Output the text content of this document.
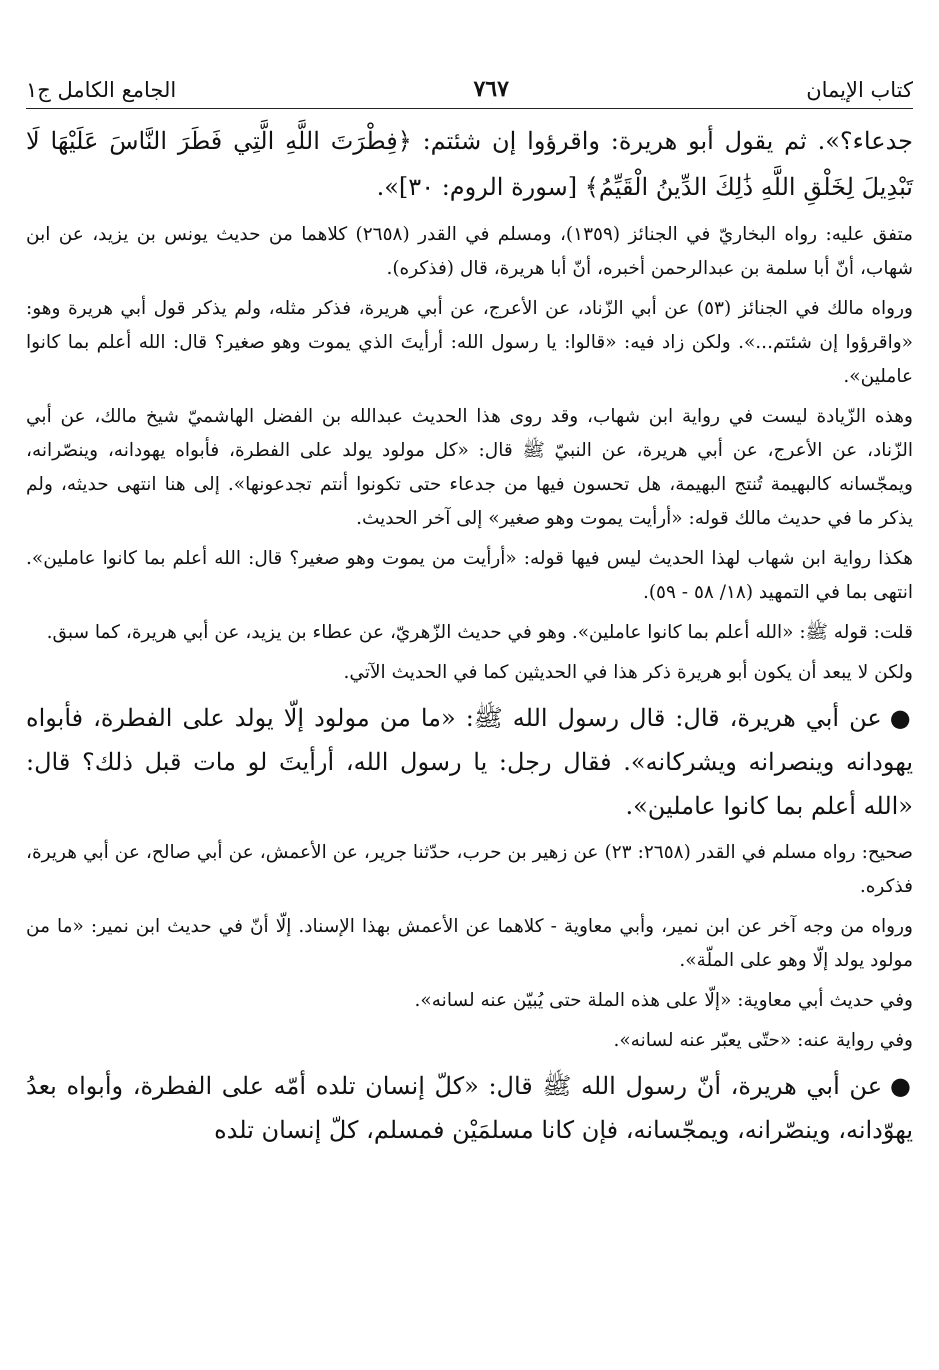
كتاب الإيمان
٧٦٧
الجامع الكامل ج١

جدعاء؟». ثم يقول أبو هريرة: واقرؤوا إن شئتم: ﴿فِطْرَتَ اللَّهِ الَّتِي فَطَرَ النَّاسَ عَلَيْهَا لَا تَبْدِيلَ لِخَلْقِ اللَّهِ ذَٰلِكَ الدِّينُ الْقَيِّمُ﴾ [سورة الروم: ٣٠]».

متفق عليه: رواه البخاريّ في الجنائز (١٣٥٩)، ومسلم في القدر (٢٦٥٨) كلاهما من حديث يونس بن يزيد، عن ابن شهاب، أنّ أبا سلمة بن عبدالرحمن أخبره، أنّ أبا هريرة، قال (فذكره).

ورواه مالك في الجنائز (٥٣) عن أبي الزّناد، عن الأعرج، عن أبي هريرة، فذكر مثله، ولم يذكر قول أبي هريرة وهو: «واقرؤوا إن شئتم...». ولكن زاد فيه: «قالوا: يا رسول الله: أرأيتَ الذي يموت وهو صغير؟ قال: الله أعلم بما كانوا عاملين».

وهذه الزّيادة ليست في رواية ابن شهاب، وقد روى هذا الحديث عبدالله بن الفضل الهاشميّ شيخ مالك، عن أبي الزّناد، عن الأعرج، عن أبي هريرة، عن النبيّ ﷺ قال: «كل مولود يولد على الفطرة، فأبواه يهودانه، وينصّرانه، ويمجّسانه كالبهيمة تُنتج البهيمة، هل تحسون فيها من جدعاء حتى تكونوا أنتم تجدعونها». إلى هنا انتهى حديثه، ولم يذكر ما في حديث مالك قوله: «أرأيت يموت وهو صغير» إلى آخر الحديث.

هكذا رواية ابن شهاب لهذا الحديث ليس فيها قوله: «أرأيت من يموت وهو صغير؟ قال: الله أعلم بما كانوا عاملين». انتهى بما في التمهيد (١٨/ ٥٨ - ٥٩).

قلت: قوله ﷺ: «الله أعلم بما كانوا عاملين». وهو في حديث الزّهريّ، عن عطاء بن يزيد، عن أبي هريرة، كما سبق.

ولكن لا يبعد أن يكون أبو هريرة ذكر هذا في الحديثين كما في الحديث الآتي.

●عن أبي هريرة، قال: قال رسول الله ﷺ: «ما من مولود إلّا يولد على الفطرة، فأبواه يهودانه وينصرانه ويشركانه». فقال رجل: يا رسول الله، أرأيتَ لو مات قبل ذلك؟ قال: «الله أعلم بما كانوا عاملين».

صحيح: رواه مسلم في القدر (٢٦٥٨: ٢٣) عن زهير بن حرب، حدّثنا جرير، عن الأعمش، عن أبي صالح، عن أبي هريرة، فذكره.

ورواه من وجه آخر عن ابن نمير، وأبي معاوية - كلاهما عن الأعمش بهذا الإسناد. إلّا أنّ في حديث ابن نمير: «ما من مولود يولد إلّا وهو على الملّة».

وفي حديث أبي معاوية: «إلّا على هذه الملة حتى يُبيّن عنه لسانه».

وفي رواية عنه: «حتّى يعبّر عنه لسانه».

●عن أبي هريرة، أنّ رسول الله ﷺ قال: «كلّ إنسان تلده أمّه على الفطرة، وأبواه بعدُ يهوّدانه، وينصّرانه، ويمجّسانه، فإن كانا مسلمَيْن فمسلم، كلّ إنسان تلده
